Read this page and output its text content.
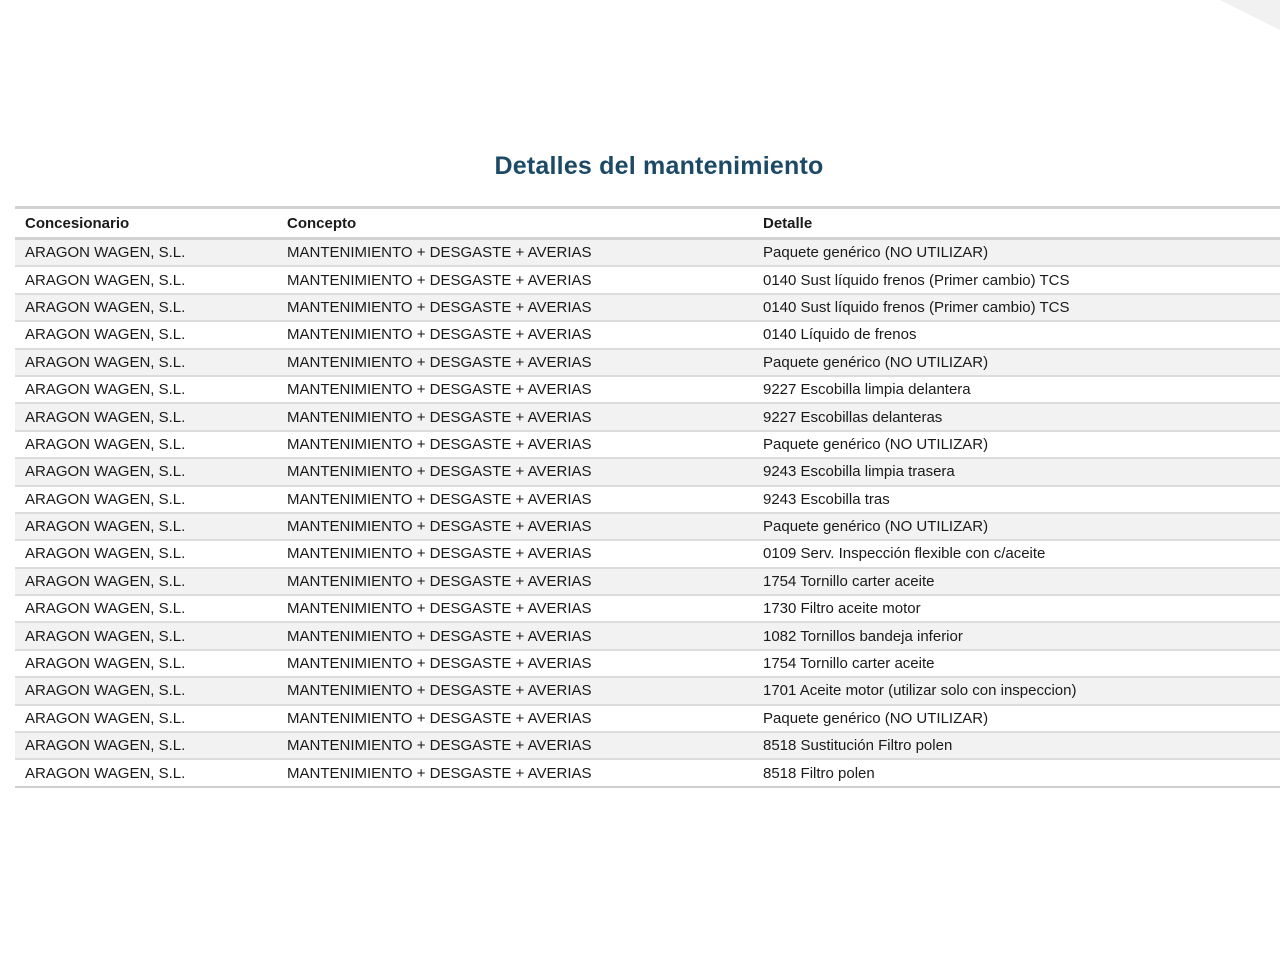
Detalles del mantenimiento
Concesionario	Concepto	Detalle
ARAGON WAGEN, S.L.	MANTENIMIENTO + DESGASTE + AVERIAS	Paquete genérico (NO UTILIZAR)
ARAGON WAGEN, S.L.	MANTENIMIENTO + DESGASTE + AVERIAS	0140 Sust líquido frenos (Primer cambio) TCS
ARAGON WAGEN, S.L.	MANTENIMIENTO + DESGASTE + AVERIAS	0140 Sust líquido frenos (Primer cambio) TCS
ARAGON WAGEN, S.L.	MANTENIMIENTO + DESGASTE + AVERIAS	0140 Líquido de frenos
ARAGON WAGEN, S.L.	MANTENIMIENTO + DESGASTE + AVERIAS	Paquete genérico (NO UTILIZAR)
ARAGON WAGEN, S.L.	MANTENIMIENTO + DESGASTE + AVERIAS	9227 Escobilla limpia delantera
ARAGON WAGEN, S.L.	MANTENIMIENTO + DESGASTE + AVERIAS	9227 Escobillas delanteras
ARAGON WAGEN, S.L.	MANTENIMIENTO + DESGASTE + AVERIAS	Paquete genérico (NO UTILIZAR)
ARAGON WAGEN, S.L.	MANTENIMIENTO + DESGASTE + AVERIAS	9243 Escobilla limpia trasera
ARAGON WAGEN, S.L.	MANTENIMIENTO + DESGASTE + AVERIAS	9243 Escobilla tras
ARAGON WAGEN, S.L.	MANTENIMIENTO + DESGASTE + AVERIAS	Paquete genérico (NO UTILIZAR)
ARAGON WAGEN, S.L.	MANTENIMIENTO + DESGASTE + AVERIAS	0109 Serv. Inspección flexible con c/aceite
ARAGON WAGEN, S.L.	MANTENIMIENTO + DESGASTE + AVERIAS	1754 Tornillo carter aceite
ARAGON WAGEN, S.L.	MANTENIMIENTO + DESGASTE + AVERIAS	1730 Filtro aceite motor
ARAGON WAGEN, S.L.	MANTENIMIENTO + DESGASTE + AVERIAS	1082 Tornillos bandeja inferior
ARAGON WAGEN, S.L.	MANTENIMIENTO + DESGASTE + AVERIAS	1754 Tornillo carter aceite
ARAGON WAGEN, S.L.	MANTENIMIENTO + DESGASTE + AVERIAS	1701 Aceite motor (utilizar solo con inspeccion)
ARAGON WAGEN, S.L.	MANTENIMIENTO + DESGASTE + AVERIAS	Paquete genérico (NO UTILIZAR)
ARAGON WAGEN, S.L.	MANTENIMIENTO + DESGASTE + AVERIAS	8518 Sustitución Filtro polen
ARAGON WAGEN, S.L.	MANTENIMIENTO + DESGASTE + AVERIAS	8518 Filtro polen
